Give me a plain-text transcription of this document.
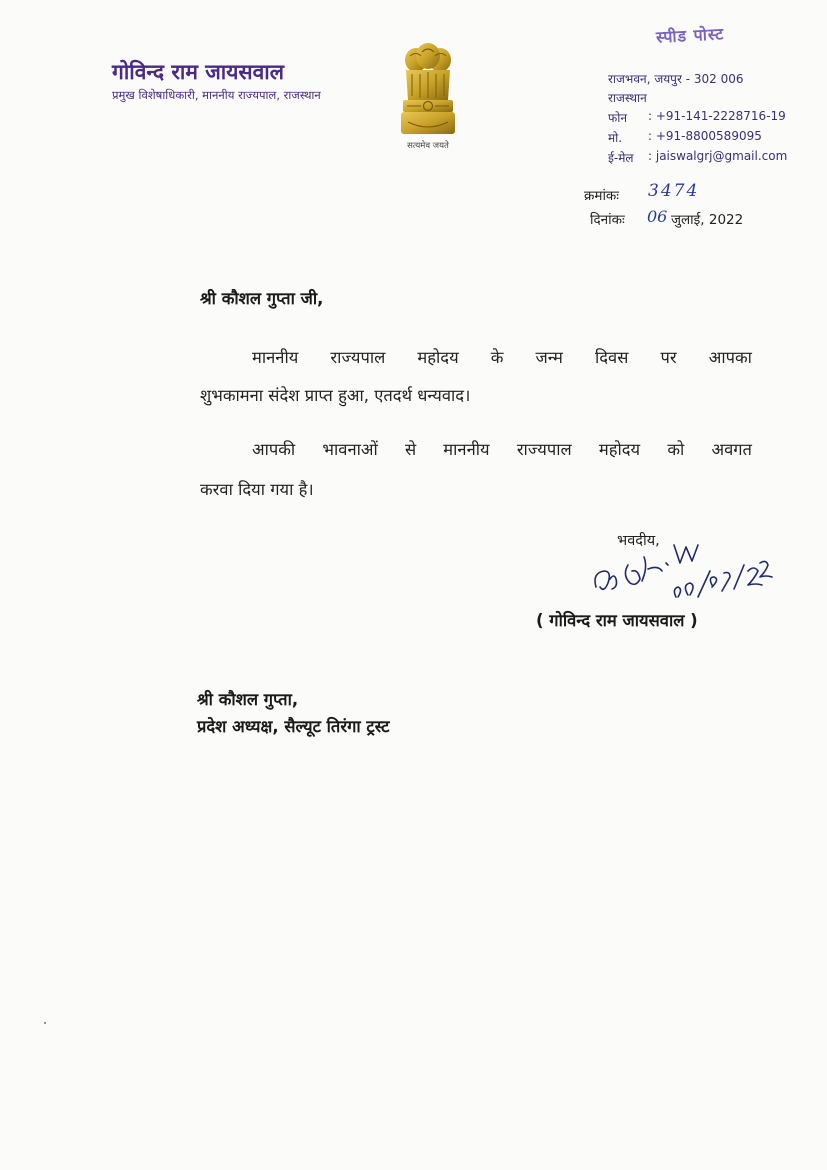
गोविन्द राम जायसवाल
प्रमुख विशेषाधिकारी, माननीय राज्यपाल, राजस्थान
सत्यमेव जयते
स्पीड पोस्ट
राजभवन, जयपुर - 302 006
राजस्थान
फोन : +91-141-2228716-19
मो. : +91-8800589095
ई-मेल : jaiswalgrj@gmail.com
क्रमांकः 3474
दिनांकः 06 जुलाई, 2022
श्री कौशल गुप्ता जी,
माननीय राज्यपाल महोदय के जन्म दिवस पर आपका
शुभकामना संदेश प्राप्त हुआ, एतदर्थ धन्यवाद।
आपकी भावनाओं से माननीय राज्यपाल महोदय को अवगत
करवा दिया गया है।
भवदीय,
( गोविन्द राम जायसवाल )
श्री कौशल गुप्ता,
प्रदेश अध्यक्ष, सैल्यूट तिरंगा ट्रस्ट
